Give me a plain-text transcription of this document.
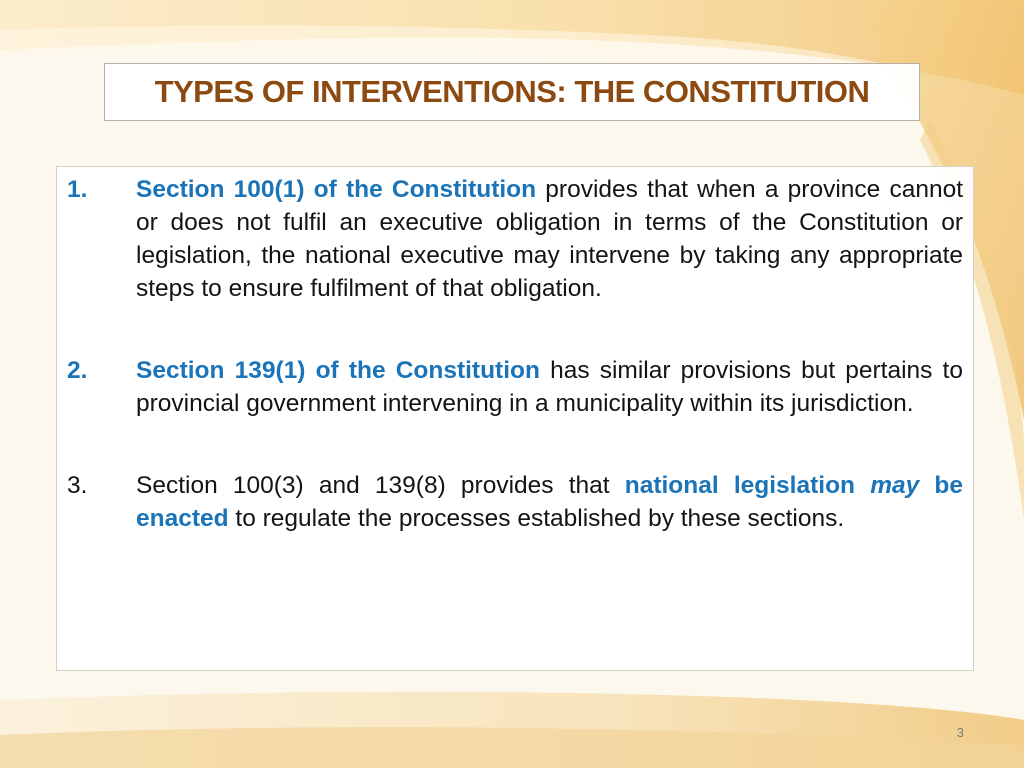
TYPES OF INTERVENTIONS: THE CONSTITUTION
1. Section 100(1) of the Constitution provides that when a province cannot or does not fulfil an executive obligation in terms of the Constitution or legislation, the national executive may intervene by taking any appropriate steps to ensure fulfilment of that obligation.
2. Section 139(1) of the Constitution has similar provisions but pertains to provincial government intervening in a municipality within its jurisdiction.
3. Section 100(3) and 139(8) provides that national legislation may be enacted to regulate the processes established by these sections.
3
